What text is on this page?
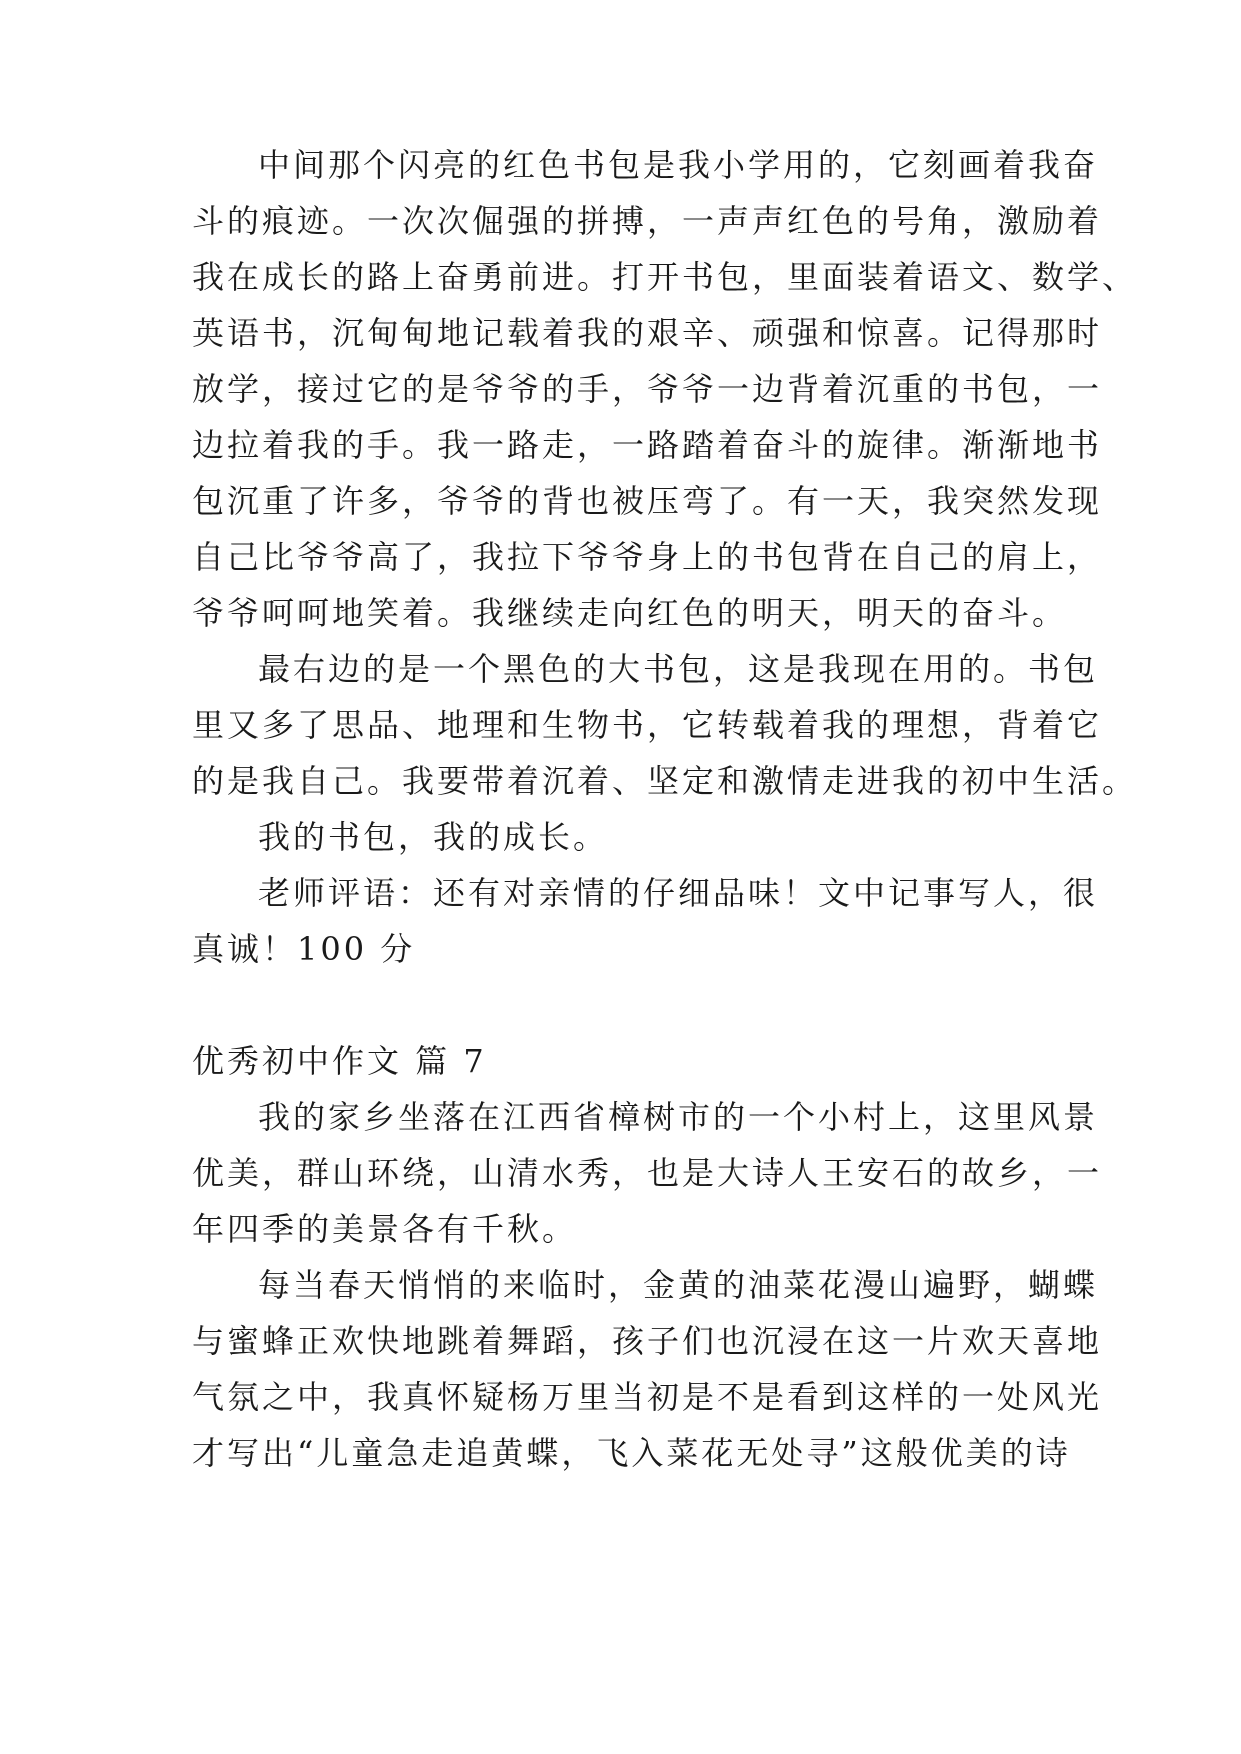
中间那个闪亮的红色书包是我小学用的，它刻画着我奋
斗的痕迹。一次次倔强的拼搏，一声声红色的号角，激励着
我在成长的路上奋勇前进。打开书包，里面装着语文、数学、
英语书，沉甸甸地记载着我的艰辛、顽强和惊喜。记得那时
放学，接过它的是爷爷的手，爷爷一边背着沉重的书包，一
边拉着我的手。我一路走，一路踏着奋斗的旋律。渐渐地书
包沉重了许多，爷爷的背也被压弯了。有一天，我突然发现
自己比爷爷高了，我拉下爷爷身上的书包背在自己的肩上，
爷爷呵呵地笑着。我继续走向红色的明天，明天的奋斗。
最右边的是一个黑色的大书包，这是我现在用的。书包
里又多了思品、地理和生物书，它转载着我的理想，背着它
的是我自己。我要带着沉着、坚定和激情走进我的初中生活。
我的书包，我的成长。
老师评语：还有对亲情的仔细品味！文中记事写人，很
真诚！100 分
优秀初中作文 篇 7
我的家乡坐落在江西省樟树市的一个小村上，这里风景
优美，群山环绕，山清水秀，也是大诗人王安石的故乡，一
年四季的美景各有千秋。
每当春天悄悄的来临时，金黄的油菜花漫山遍野，蝴蝶
与蜜蜂正欢快地跳着舞蹈，孩子们也沉浸在这一片欢天喜地
气氛之中，我真怀疑杨万里当初是不是看到这样的一处风光
才写出“儿童急走追黄蝶，飞入菜花无处寻”这般优美的诗
